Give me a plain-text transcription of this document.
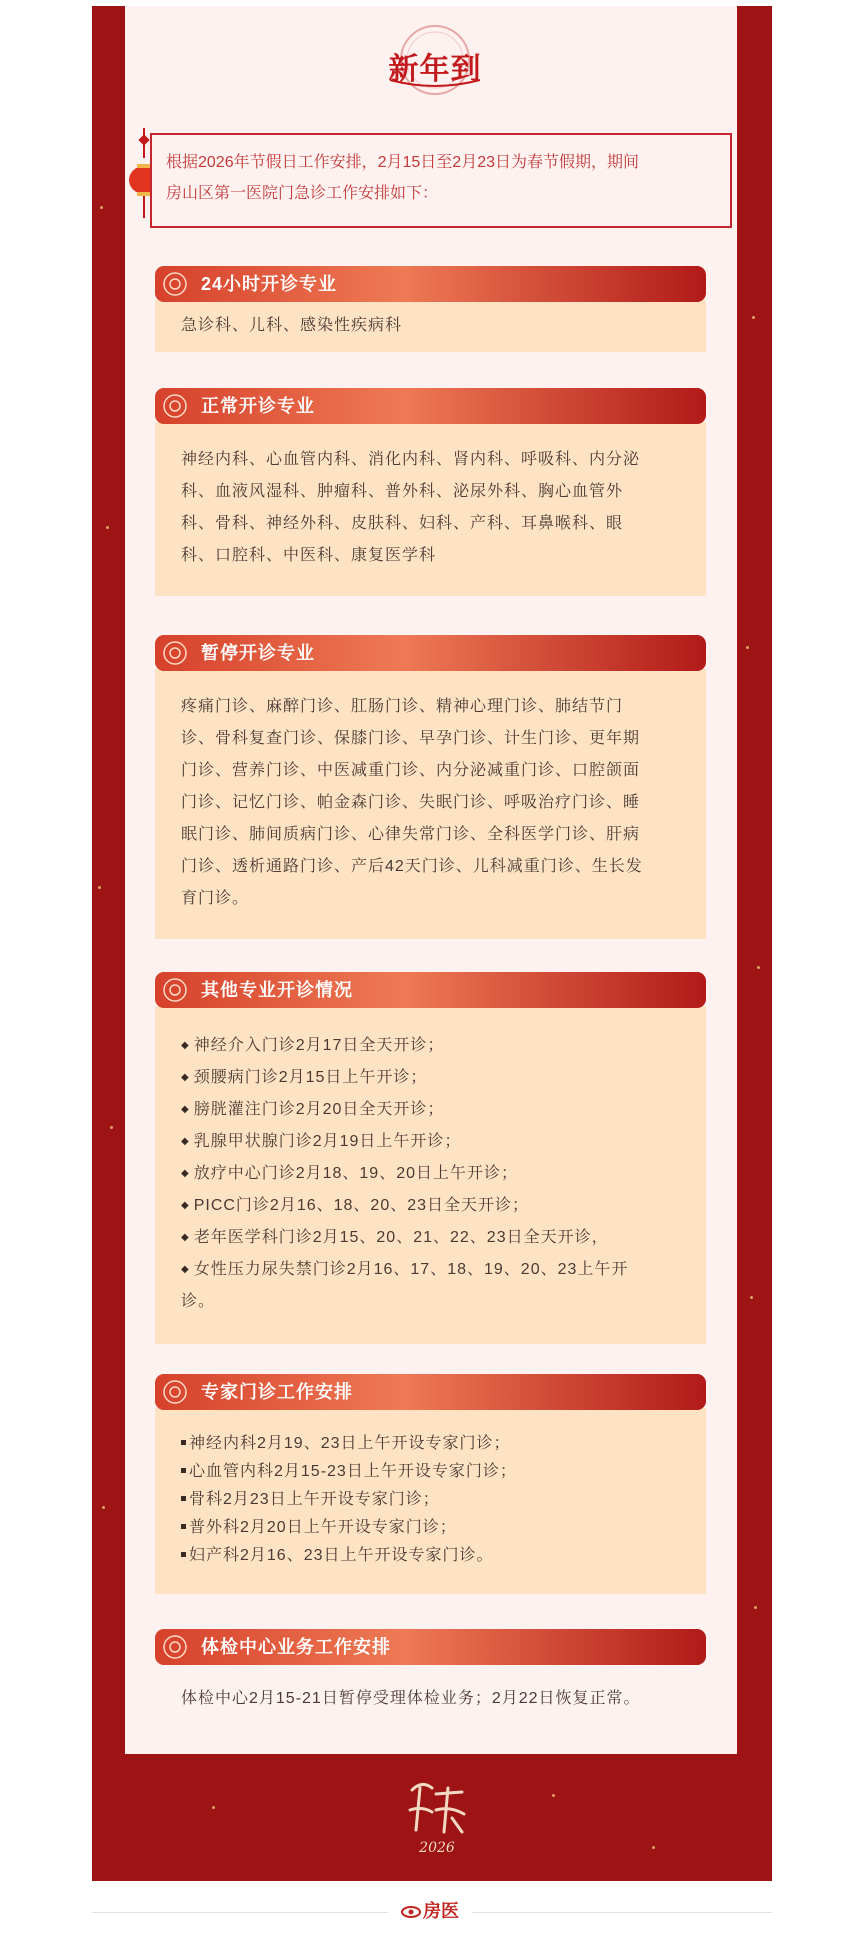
新年到
根据2026年节假日工作安排，2月15日至2月23日为春节假期，期间
房山区第一医院门急诊工作安排如下：
24小时开诊专业
急诊科、儿科、感染性疾病科
正常开诊专业
神经内科、心血管内科、消化内科、肾内科、呼吸科、内分泌
科、血液风湿科、肿瘤科、普外科、泌尿外科、胸心血管外
科、骨科、神经外科、皮肤科、妇科、产科、耳鼻喉科、眼
科、口腔科、中医科、康复医学科
暂停开诊专业
疼痛门诊、麻醉门诊、肛肠门诊、精神心理门诊、肺结节门
诊、骨科复查门诊、保膝门诊、早孕门诊、计生门诊、更年期
门诊、营养门诊、中医减重门诊、内分泌减重门诊、口腔颌面
门诊、记忆门诊、帕金森门诊、失眠门诊、呼吸治疗门诊、睡
眠门诊、肺间质病门诊、心律失常门诊、全科医学门诊、肝病
门诊、透析通路门诊、产后42天门诊、儿科减重门诊、生长发
育门诊。
其他专业开诊情况
◆ 神经介入门诊2月17日全天开诊；
◆ 颈腰病门诊2月15日上午开诊；
◆ 膀胱灌注门诊2月20日全天开诊；
◆ 乳腺甲状腺门诊2月19日上午开诊；
◆ 放疗中心门诊2月18、19、20日上午开诊；
◆ PICC门诊2月16、18、20、23日全天开诊；
◆ 老年医学科门诊2月15、20、21、22、23日全天开诊，
◆ 女性压力尿失禁门诊2月16、17、18、19、20、23上午开
诊。
专家门诊工作安排
神经内科2月19、23日上午开设专家门诊；
心血管内科2月15-23日上午开设专家门诊；
骨科2月23日上午开设专家门诊；
普外科2月20日上午开设专家门诊；
妇产科2月16、23日上午开设专家门诊。
体检中心业务工作安排
体检中心2月15-21日暂停受理体检业务；2月22日恢复正常。
2026
房医
